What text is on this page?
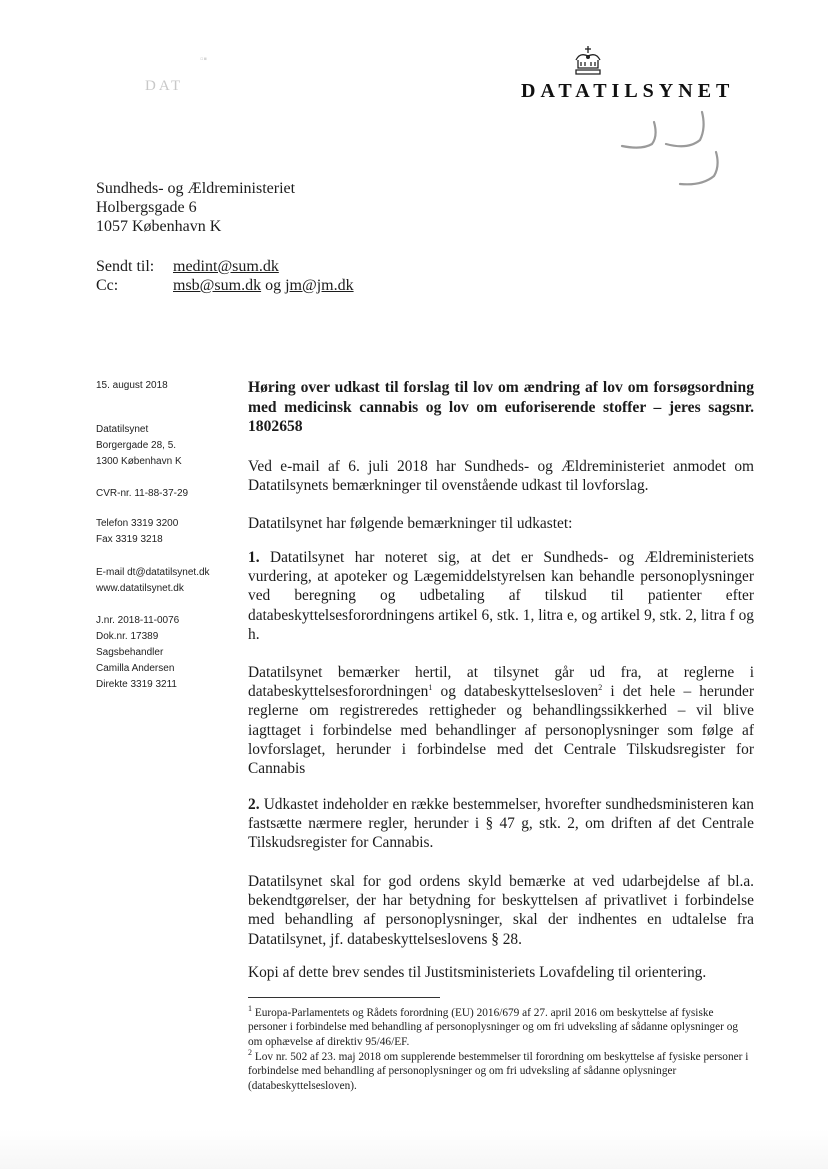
▫▪
DAT	DATATILSYNET
Sundheds- og Ældreministeriet
Holbergsgade 6
1057 København K
Sendt til: medint@sum.dk
Cc:	msb@sum.dk og jm@jm.dk
15. august 2018
Datatilsynet
Borgergade 28, 5.
1300 København K
CVR-nr. 11-88-37-29
Telefon 3319 3200
Fax 3319 3218
E-mail dt@datatilsynet.dk
www.datatilsynet.dk
J.nr. 2018-11-0076
Dok.nr. 17389
Sagsbehandler
Camilla Andersen
Direkte 3319 3211
Høring over udkast til forslag til lov om ændring af lov om forsøgsordning med medicinsk cannabis og lov om euforiserende stoffer – jeres sagsnr. 1802658
Ved e-mail af 6. juli 2018 har Sundheds- og Ældreministeriet anmodet om Datatilsynets bemærkninger til ovenstående udkast til lovforslag.
Datatilsynet har følgende bemærkninger til udkastet:
1. Datatilsynet har noteret sig, at det er Sundheds- og Ældreministeriets vurdering, at apoteker og Lægemiddelstyrelsen kan behandle personoplysninger ved beregning og udbetaling af tilskud til patienter efter databeskyttelsesforordningens artikel 6, stk. 1, litra e, og artikel 9, stk. 2, litra f og h.
Datatilsynet bemærker hertil, at tilsynet går ud fra, at reglerne i databeskyttelsesforordningen$^1$ og databeskyttelsesloven$^2$ i det hele – herunder reglerne om registreredes rettigheder og behandlingssikkerhed – vil blive iagttaget i forbindelse med behandlinger af personoplysninger som følge af lovforslaget, herunder i forbindelse med det Centrale Tilskudsregister for Cannabis
2. Udkastet indeholder en række bestemmelser, hvorefter sundhedsministeren kan fastsætte nærmere regler, herunder i § 47 g, stk. 2, om driften af det Centrale Tilskudsregister for Cannabis.
Datatilsynet skal for god ordens skyld bemærke at ved udarbejdelse af bl.a. bekendtgørelser, der har betydning for beskyttelsen af privatlivet i forbindelse med behandling af personoplysninger, skal der indhentes en udtalelse fra Datatilsynet, jf. databeskyttelseslovens § 28.
Kopi af dette brev sendes til Justitsministeriets Lovafdeling til orientering.
$^1$ Europa-Parlamentets og Rådets forordning (EU) 2016/679 af 27. april 2016 om beskyttelse af fysiske personer i forbindelse med behandling af personoplysninger og om fri udveksling af sådanne oplysninger og om ophævelse af direktiv 95/46/EF.
$^2$ Lov nr. 502 af 23. maj 2018 om supplerende bestemmelser til forordning om beskyttelse af fysiske personer i forbindelse med behandling af personoplysninger og om fri udveksling af sådanne oplysninger (databeskyttelsesloven).
